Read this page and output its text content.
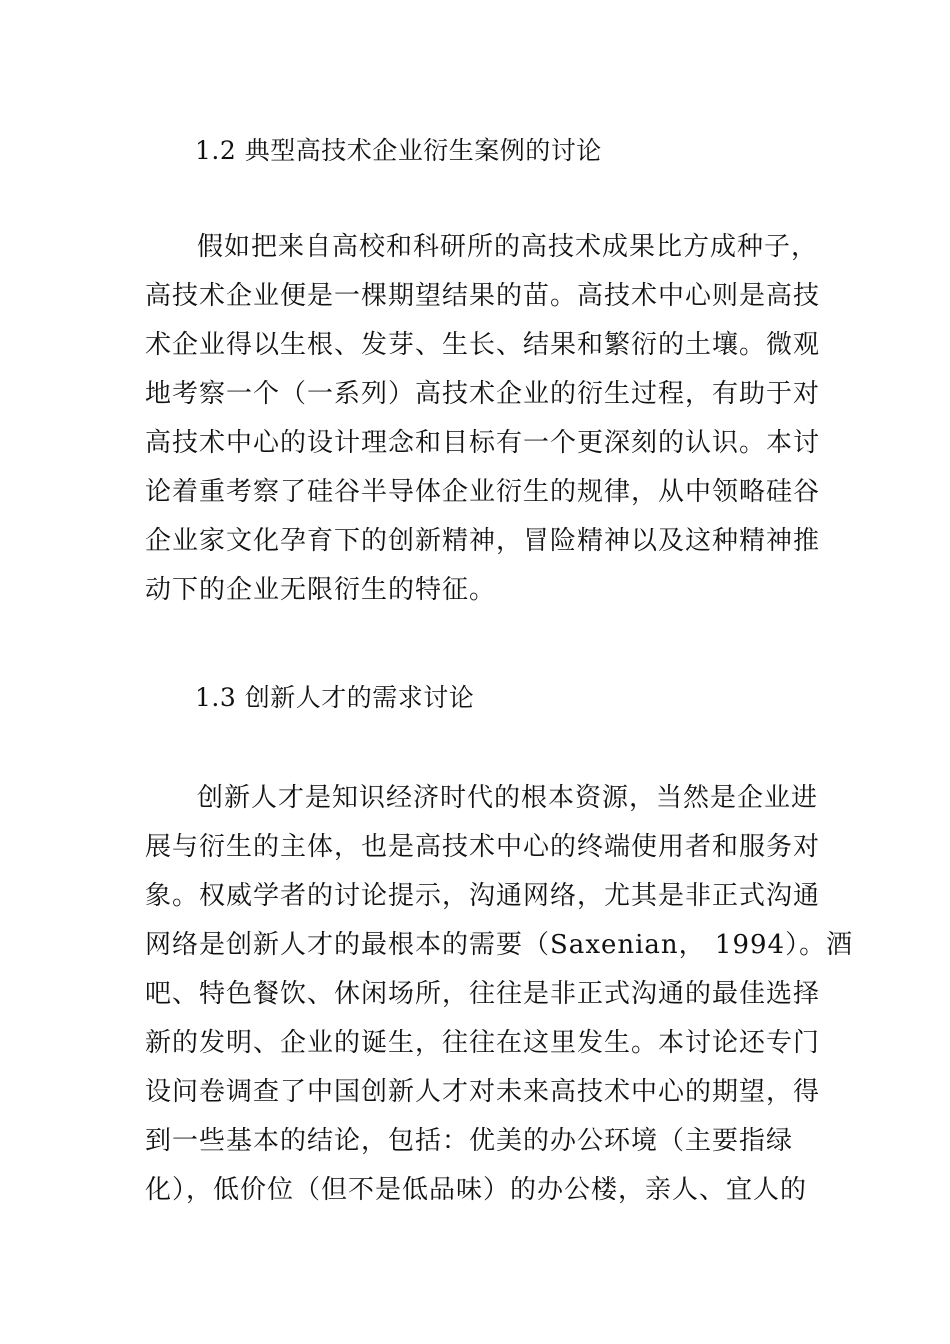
1.2 典型高技术企业衍生案例的讨论
假如把来自高校和科研所的高技术成果比方成种子，
高技术企业便是一棵期望结果的苗。高技术中心则是高技
术企业得以生根、发芽、生长、结果和繁衍的土壤。微观
地考察一个（一系列）高技术企业的衍生过程，有助于对
高技术中心的设计理念和目标有一个更深刻的认识。本讨
论着重考察了硅谷半导体企业衍生的规律，从中领略硅谷
企业家文化孕育下的创新精神，冒险精神以及这种精神推
动下的企业无限衍生的特征。
1.3 创新人才的需求讨论
创新人才是知识经济时代的根本资源，当然是企业进
展与衍生的主体，也是高技术中心的终端使用者和服务对
象。权威学者的讨论提示，沟通网络，尤其是非正式沟通
网络是创新人才的最根本的需要（Saxenian， 1994）。酒
吧、特色餐饮、休闲场所，往往是非正式沟通的最佳选择
新的发明、企业的诞生，往往在这里发生。本讨论还专门
设问卷调查了中国创新人才对未来高技术中心的期望，得
到一些基本的结论，包括：优美的办公环境（主要指绿
化），低价位（但不是低品味）的办公楼，亲人、宜人的
